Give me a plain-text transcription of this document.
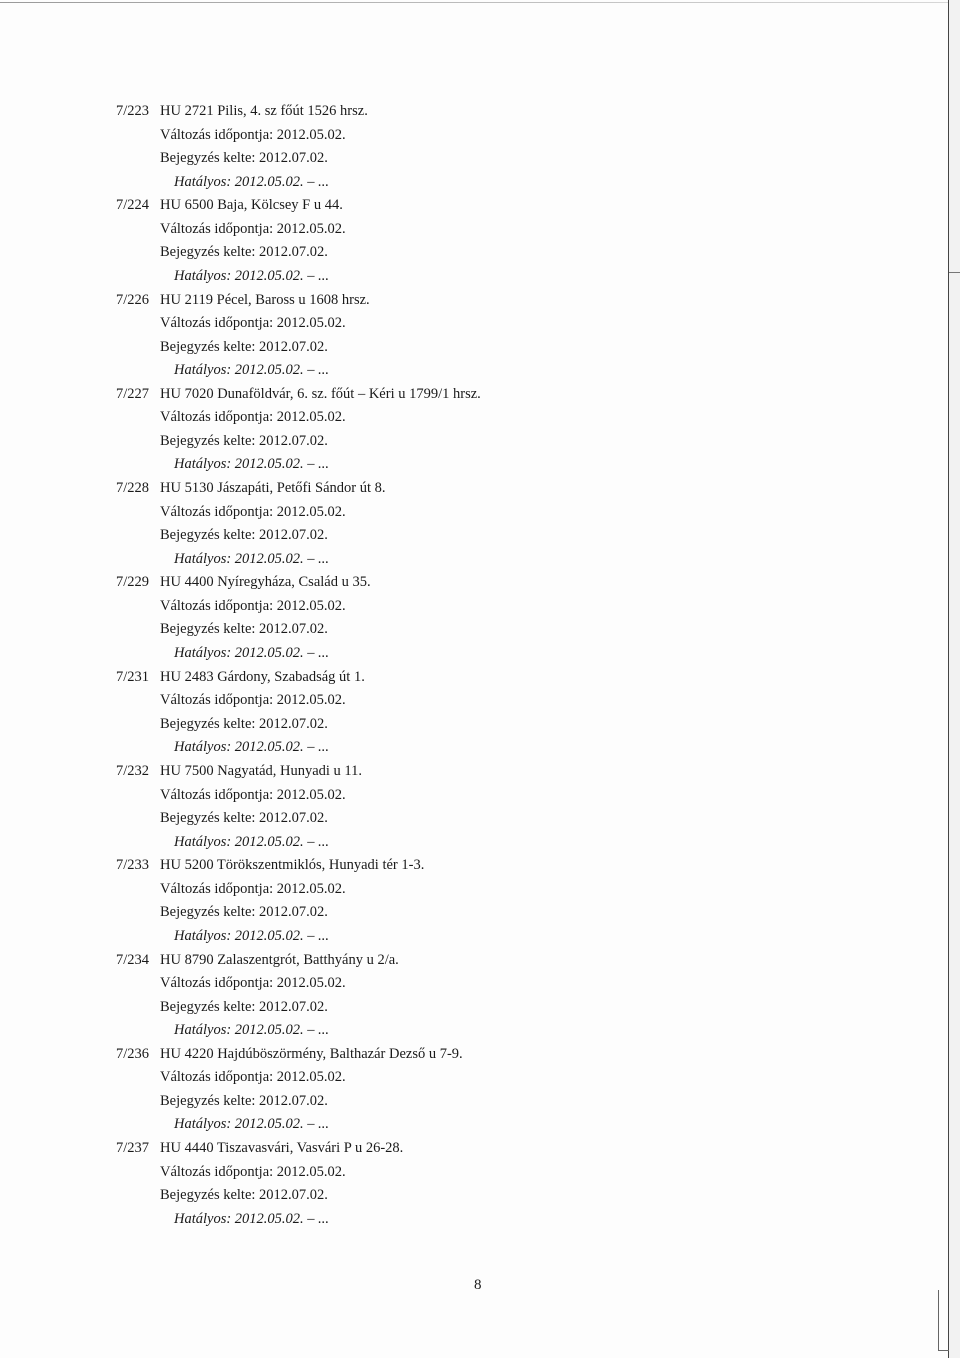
7/223 HU 2721 Pilis, 4. sz főút 1526 hrsz.
Változás időpontja: 2012.05.02.
Bejegyzés kelte: 2012.07.02.
Hatályos: 2012.05.02. – ...
7/224 HU 6500 Baja, Kölcsey F u 44.
Változás időpontja: 2012.05.02.
Bejegyzés kelte: 2012.07.02.
Hatályos: 2012.05.02. – ...
7/226 HU 2119 Pécel, Baross u 1608 hrsz.
Változás időpontja: 2012.05.02.
Bejegyzés kelte: 2012.07.02.
Hatályos: 2012.05.02. – ...
7/227 HU 7020 Dunaföldvár, 6. sz. főút – Kéri u 1799/1 hrsz.
Változás időpontja: 2012.05.02.
Bejegyzés kelte: 2012.07.02.
Hatályos: 2012.05.02. – ...
7/228 HU 5130 Jászapáti, Petőfi Sándor út 8.
Változás időpontja: 2012.05.02.
Bejegyzés kelte: 2012.07.02.
Hatályos: 2012.05.02. – ...
7/229 HU 4400 Nyíregyháza, Család u 35.
Változás időpontja: 2012.05.02.
Bejegyzés kelte: 2012.07.02.
Hatályos: 2012.05.02. – ...
7/231 HU 2483 Gárdony, Szabadság út 1.
Változás időpontja: 2012.05.02.
Bejegyzés kelte: 2012.07.02.
Hatályos: 2012.05.02. – ...
7/232 HU 7500 Nagyatád, Hunyadi u 11.
Változás időpontja: 2012.05.02.
Bejegyzés kelte: 2012.07.02.
Hatályos: 2012.05.02. – ...
7/233 HU 5200 Törökszentmiklós, Hunyadi tér 1-3.
Változás időpontja: 2012.05.02.
Bejegyzés kelte: 2012.07.02.
Hatályos: 2012.05.02. – ...
7/234 HU 8790 Zalaszentgrót, Batthyány u 2/a.
Változás időpontja: 2012.05.02.
Bejegyzés kelte: 2012.07.02.
Hatályos: 2012.05.02. – ...
7/236 HU 4220 Hajdúböszörmény, Balthazár Dezső u 7-9.
Változás időpontja: 2012.05.02.
Bejegyzés kelte: 2012.07.02.
Hatályos: 2012.05.02. – ...
7/237 HU 4440 Tiszavasvári, Vasvári P u 26-28.
Változás időpontja: 2012.05.02.
Bejegyzés kelte: 2012.07.02.
Hatályos: 2012.05.02. – ...
8
